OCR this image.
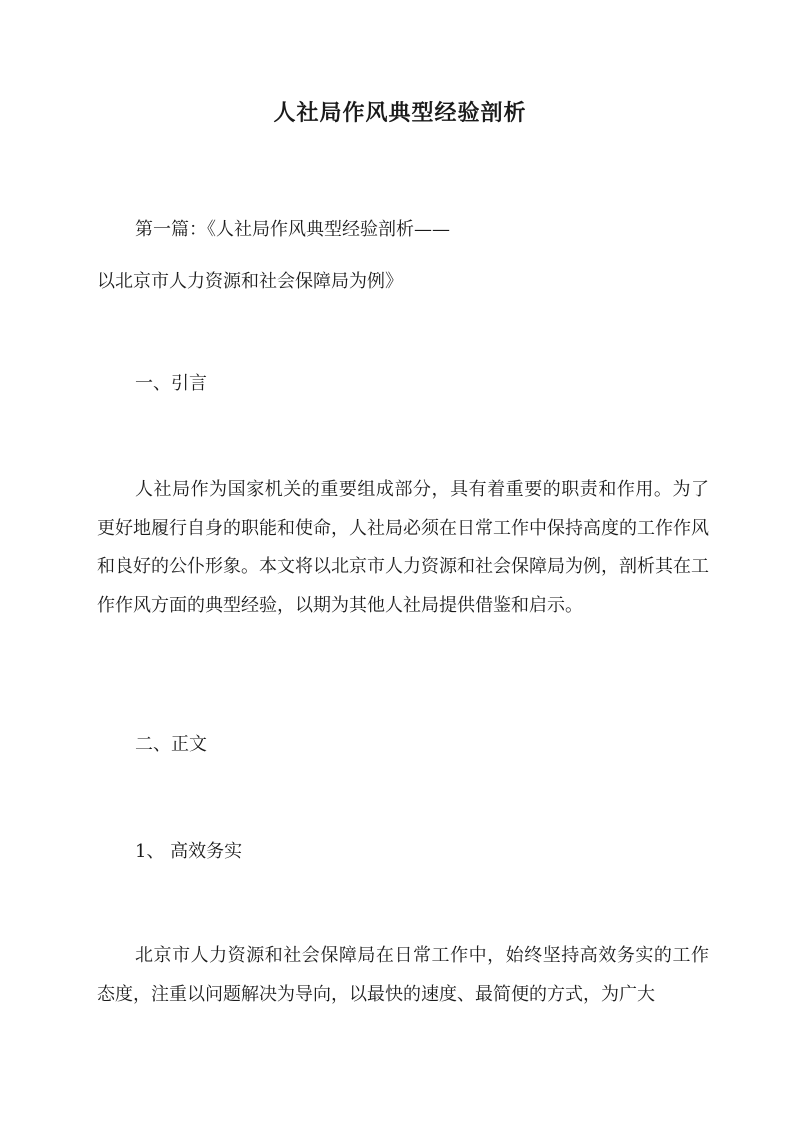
人社局作风典型经验剖析
第一篇：《人社局作风典型经验剖析——
以北京市人力资源和社会保障局为例》
一、引言
人社局作为国家机关的重要组成部分，具有着重要的职责和作用。为了更好地履行自身的职能和使命，人社局必须在日常工作中保持高度的工作作风和良好的公仆形象。本文将以北京市人力资源和社会保障局为例，剖析其在工作作风方面的典型经验，以期为其他人社局提供借鉴和启示。
二、正文
1、 高效务实
北京市人力资源和社会保障局在日常工作中，始终坚持高效务实的工作态度，注重以问题解决为导向，以最快的速度、最简便的方式，为广大
